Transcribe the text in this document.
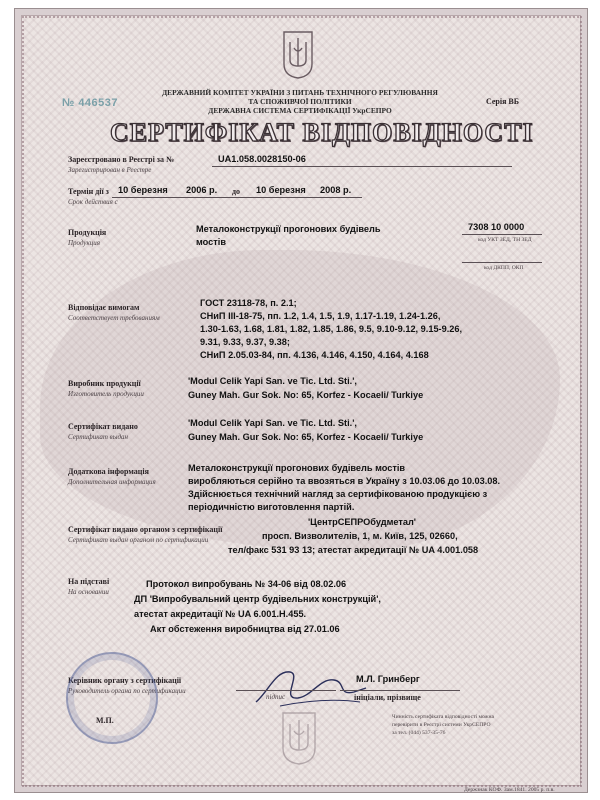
ДЕРЖАВНИЙ КОМІТЕТ УКРАЇНИ З ПИТАНЬ ТЕХНІЧНОГО РЕГУЛЮВАННЯ
ТА СПОЖИВЧОЇ ПОЛІТИКИ
ДЕРЖАВНА СИСТЕМА СЕРТИФІКАЦІЇ УкрСЕПРО
№ 446537	Серія ВБ
СЕРТИФІКАТ ВІДПОВІДНОСТІ
Зареєстровано в Реєстрі за №
Зарегистрирован в Реестре
UA1.058.0028150-06
Термін дії з
Срок действия с
10 березня 2006 р. до 10 березня 2008 р.
Продукція
Продукция
Металоконструкції прогонових будівель
мостів
7308 10 0000
код УКТ ЗЕД, ТН ЗЕД
код ДКПП, ОКП
Відповідає вимогам
Соответствует требованиям
ГОСТ 23118-78, п. 2.1;
СНиП III-18-75, пп. 1.2, 1.4, 1.5, 1.9, 1.17-1.19, 1.24-1.26,
1.30-1.63, 1.68, 1.81, 1.82, 1.85, 1.86, 9.5, 9.10-9.12, 9.15-9.26,
9.31, 9.33, 9.37, 9.38;
СНиП 2.05.03-84, пп. 4.136, 4.146, 4.150, 4.164, 4.168
Виробник продукції
Изготовитель продукции
'Modul Celik Yapi San. ve Tic. Ltd. Sti.',
Guney Mah. Gur Sok. No: 65, Korfez - Kocaeli/ Turkiye
Сертифікат видано
Сертификат выдан
'Modul Celik Yapi San. ve Tic. Ltd. Sti.',
Guney Mah. Gur Sok. No: 65, Korfez - Kocaeli/ Turkiye
Додаткова інформація
Дополнительная информация
Металоконструкції прогонових будівель мостів
виробляються серійно та ввозяться в Україну з 10.03.06 до 10.03.08.
Здійснюється технічний нагляд за сертифікованою продукцією з
періодичністю виготовлення партій.
Сертифікат видано органом з сертифікації
Сертификат выдан органом по сертификации
'ЦентрСЕПРОбудметал'
просп. Визволителів, 1, м. Київ, 125, 02660,
тел/факс 531 93 13; атестат акредитації № UA 4.001.058
На підставі
На основании
Протокол випробувань № 34-06 від 08.02.06
ДП 'Випробувальний центр будівельних конструкцій',
атестат акредитації № UA 6.001.Н.455.
Акт обстеження виробництва від 27.01.06
Керівник органу з сертифікації
Руководитель органа по сертификации
М.П.
підпис
М.Л. Гринберг
ініціали, прізвище
Чинність сертифіката відповідності можна
перевірити в Реєстрі системи УкрСЕПРО
за тел. (044) 537-35-76
Держзнак КОФ. Зам.1841. 2005 р. п.в.
